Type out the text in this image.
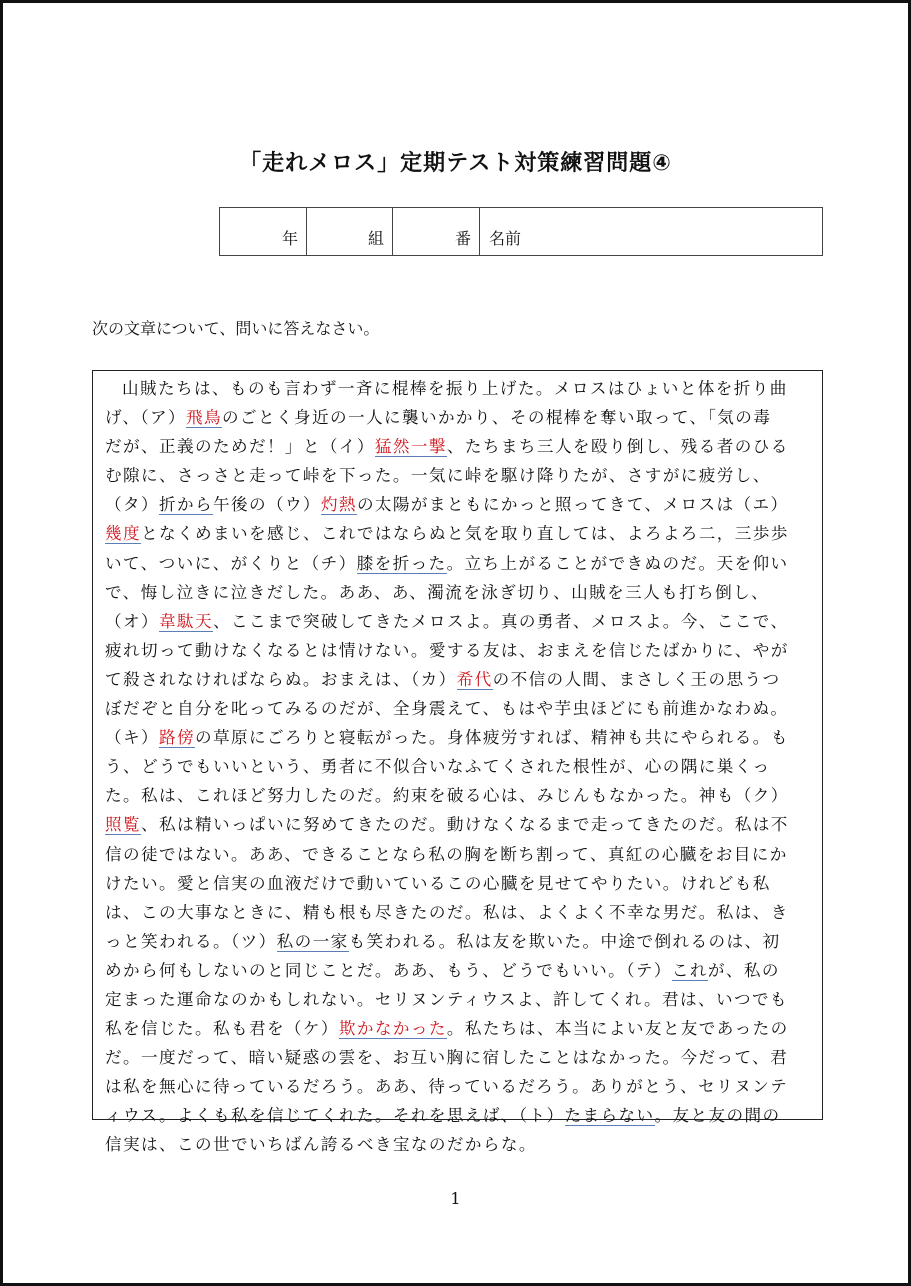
「走れメロス」定期テスト対策練習問題④
年	組	番 名前
次の文章について、問いに答えなさい。
山賊たちは、ものも言わず一斉に棍棒を振り上げた。メロスはひょいと体を折り曲
げ、（ア）飛鳥のごとく身近の一人に襲いかかり、その棍棒を奪い取って、「気の毒
だが、正義のためだ！」と（イ）猛然一撃、たちまち三人を殴り倒し、残る者のひる
む隙に、さっさと走って峠を下った。一気に峠を駆け降りたが、さすがに疲労し、
（タ）折から午後の（ウ）灼熱の太陽がまともにかっと照ってきて、メロスは（エ）
幾度となくめまいを感じ、これではならぬと気を取り直しては、よろよろ二，三歩歩
いて、ついに、がくりと（チ）膝を折った。立ち上がることができぬのだ。天を仰い
で、悔し泣きに泣きだした。ああ、あ、濁流を泳ぎ切り、山賊を三人も打ち倒し、
（オ）韋駄天、ここまで突破してきたメロスよ。真の勇者、メロスよ。今、ここで、
疲れ切って動けなくなるとは情けない。愛する友は、おまえを信じたばかりに、やが
て殺されなければならぬ。おまえは、（カ）希代の不信の人間、まさしく王の思うつ
ぼだぞと自分を叱ってみるのだが、全身震えて、もはや芋虫ほどにも前進かなわぬ。
（キ）路傍の草原にごろりと寝転がった。身体疲労すれば、精神も共にやられる。も
う、どうでもいいという、勇者に不似合いなふてくされた根性が、心の隅に巣くっ
た。私は、これほど努力したのだ。約束を破る心は、みじんもなかった。神も（ク）
照覧、私は精いっぱいに努めてきたのだ。動けなくなるまで走ってきたのだ。私は不
信の徒ではない。ああ、できることなら私の胸を断ち割って、真紅の心臓をお目にか
けたい。愛と信実の血液だけで動いているこの心臓を見せてやりたい。けれども私
は、この大事なときに、精も根も尽きたのだ。私は、よくよく不幸な男だ。私は、き
っと笑われる。（ツ）私の一家も笑われる。私は友を欺いた。中途で倒れるのは、初
めから何もしないのと同じことだ。ああ、もう、どうでもいい。（テ）これが、私の
定まった運命なのかもしれない。セリヌンティウスよ、許してくれ。君は、いつでも
私を信じた。私も君を（ケ）欺かなかった。私たちは、本当によい友と友であったの
だ。一度だって、暗い疑惑の雲を、お互い胸に宿したことはなかった。今だって、君
は私を無心に待っているだろう。ああ、待っているだろう。ありがとう、セリヌンテ
ィウス。よくも私を信じてくれた。それを思えば、（ト）たまらない。友と友の間の
信実は、この世でいちばん誇るべき宝なのだからな。
1
